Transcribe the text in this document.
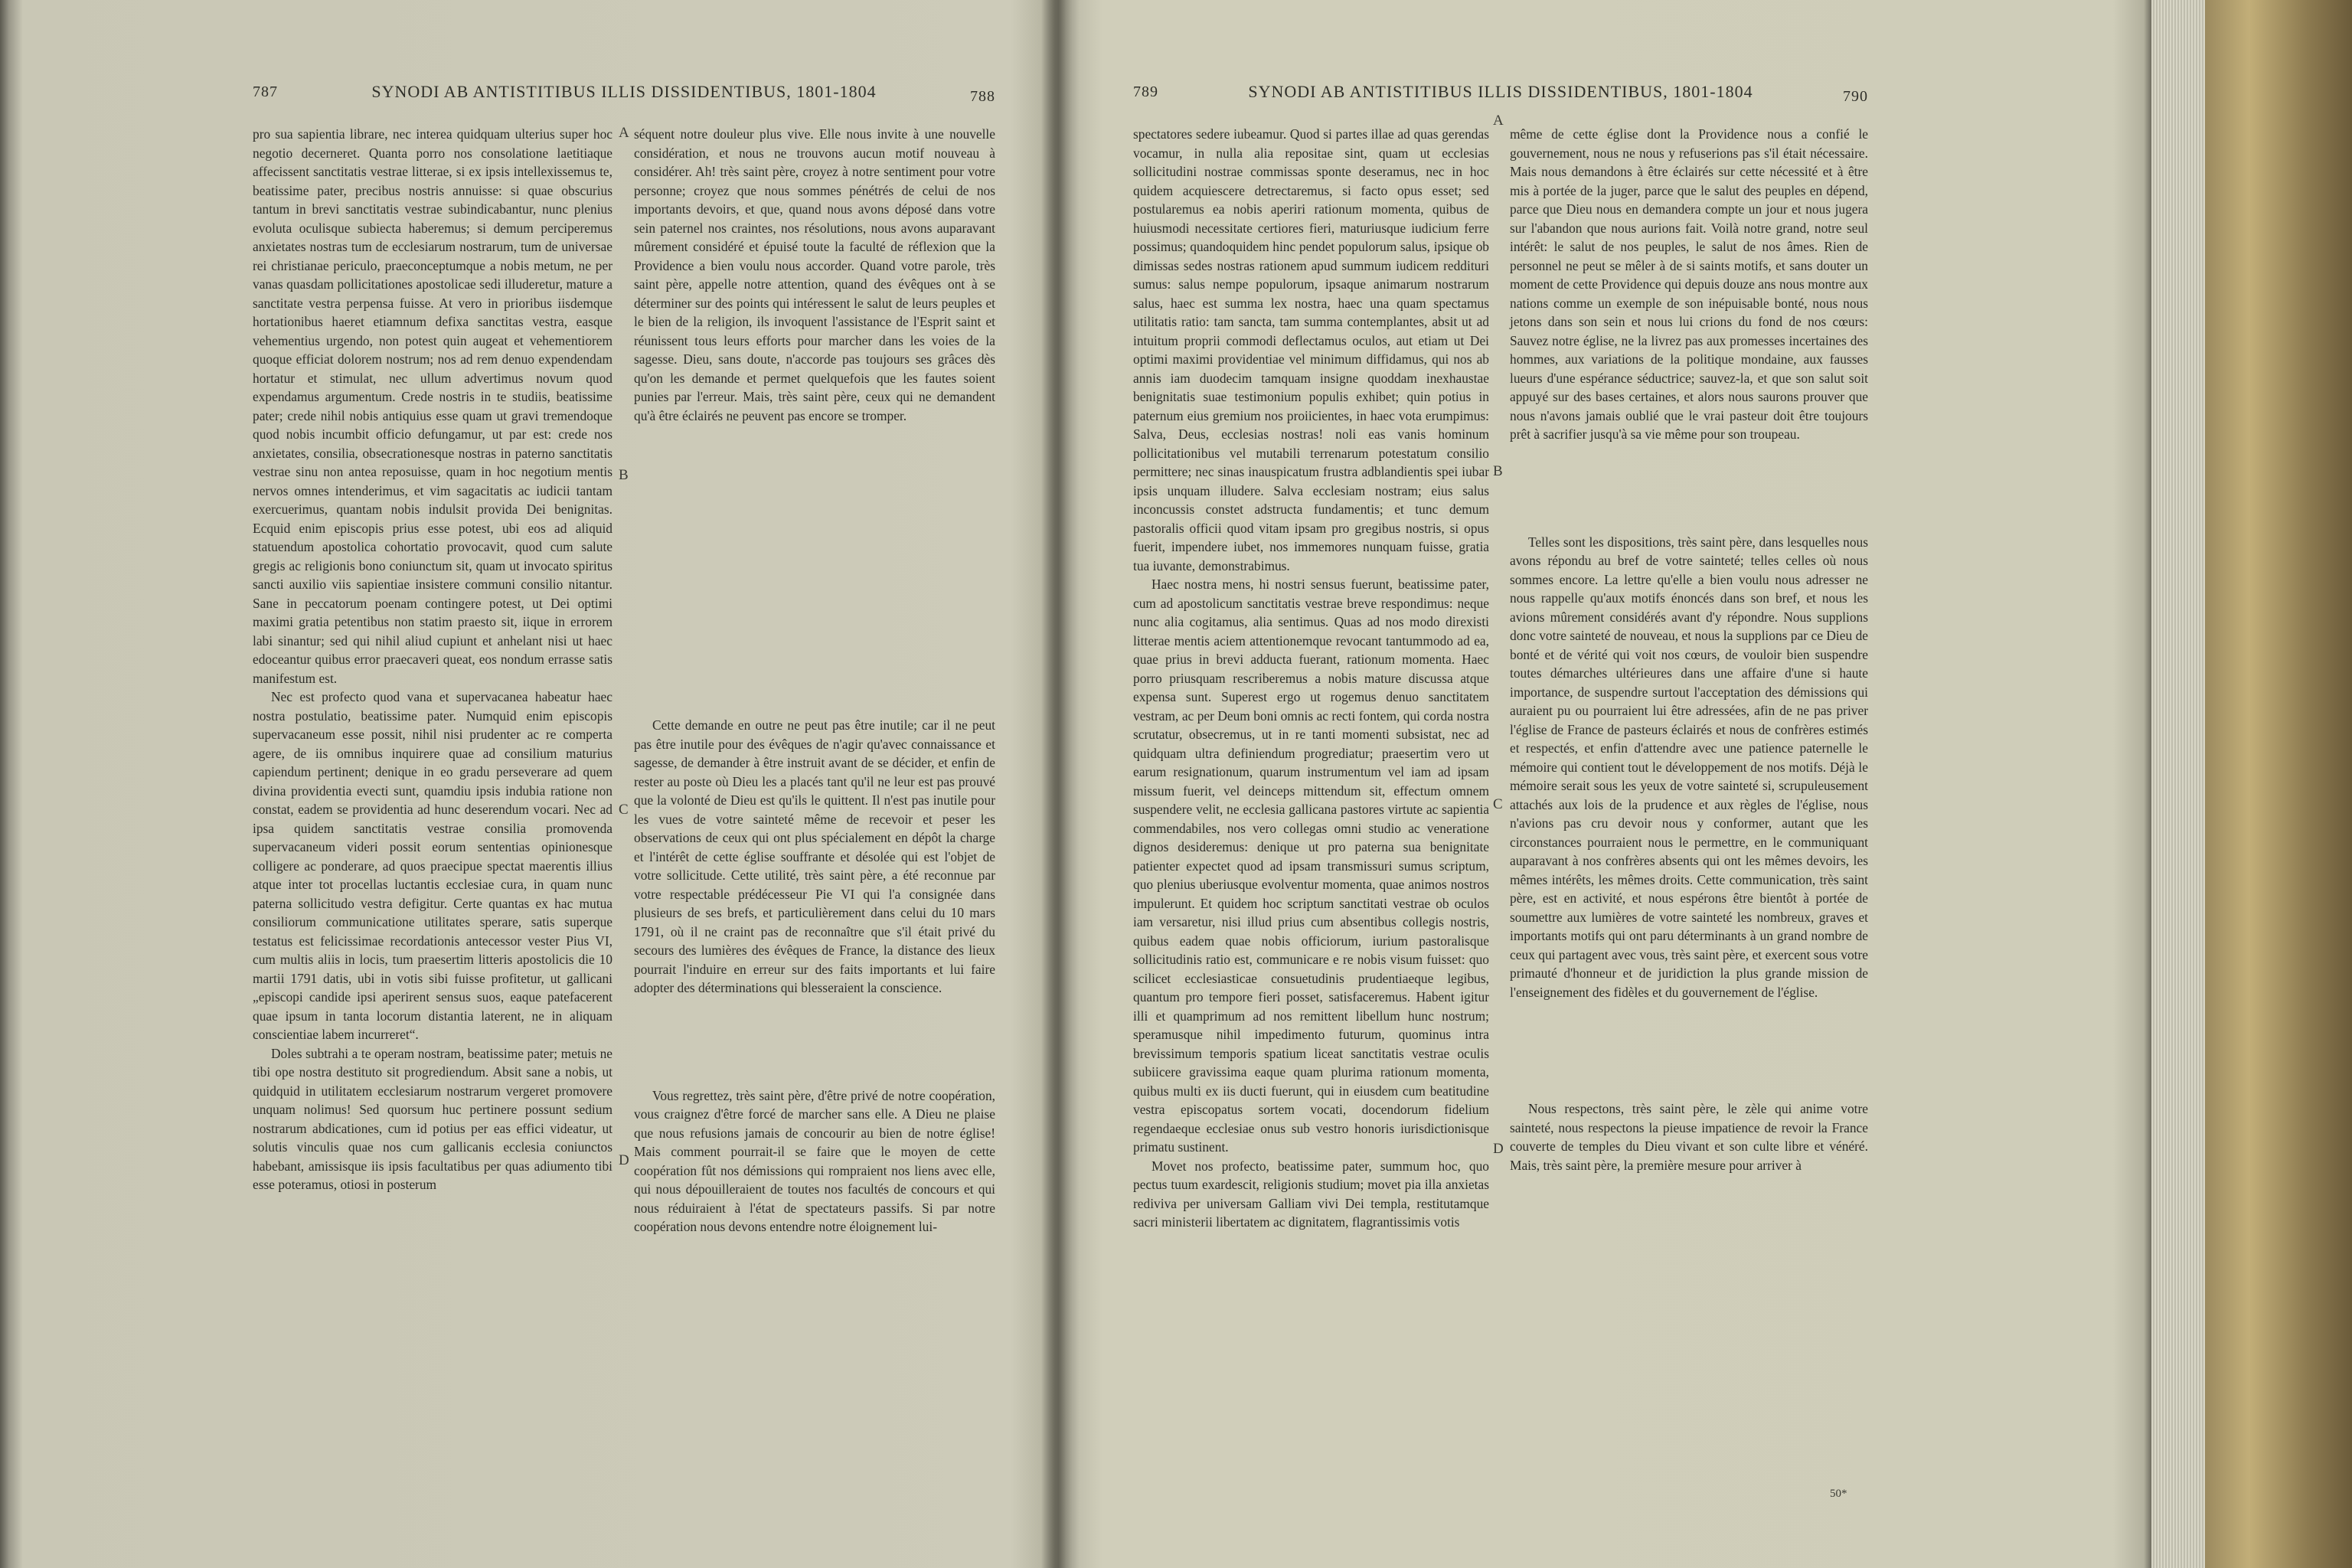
787	SYNODI AB ANTISTITIBUS ILLIS DISSIDENTIBUS, 1801-1804	788

pro sua sapientia librare, nec interea quidquam ulterius super hoc negotio decerneret. Quanta porro nos consolatione laetitiaque affecissent sanctitatis vestrae litterae, si ex ipsis intellexissemus te, beatissime pater, precibus nostris annuisse: si quae obscurius tantum in brevi sanctitatis vestrae subindicabantur, nunc plenius evoluta oculisque subiecta haberemus; si demum perciperemus anxietates nostras tum de ecclesiarum nostrarum, tum de universae rei christianae periculo, praeconceptumque a nobis metum, ne per vanas quasdam pollicitationes apostolicae sedi illuderetur, mature a sanctitate vestra perpensa fuisse. At vero in prioribus iisdemque hortationibus haeret etiamnum defixa sanctitas vestra, easque vehementius urgendo, non potest quin augeat et vehementiorem quoque efficiat dolorem nostrum; nos ad rem denuo expendendam hortatur et stimulat, nec ullum advertimus novum quod expendamus argumentum. Crede nostris in te studiis, beatissime pater; crede nihil nobis antiquius esse quam ut gravi tremendoque quod nobis incumbit officio defungamur, ut par est: crede nos anxietates, consilia, obsecrationesque nostras in paterno sanctitatis vestrae sinu non antea reposuisse, quam in hoc negotium mentis nervos omnes intenderimus, et vim sagacitatis ac iudicii tantam exercuerimus, quantam nobis indulsit providа Dei benignitas. Ecquid enim episcopis prius esse potest, ubi eos ad aliquid statuendum apostolica cohortatio provocavit, quod cum salute gregis ac religionis bono coniunctum sit, quam ut invocato spiritus sancti auxilio viis sapientiae insistere communi consilio nitantur. Sane in peccatorum poenam contingere potest, ut Dei optimi maximi gratia petentibus non statim praesto sit, iique in errorem labi sinantur; sed qui nihil aliud cupiunt et anhelant nisi ut haec edoceantur quibus error praecaveri queat, eos nondum errasse satis manifestum est.

Nec est profecto quod vana et supervacanea habeatur haec nostra postulatio, beatissime pater. Numquid enim episcopis supervacaneum esse possit, nihil nisi prudenter ac re comperta agere, de iis omnibus inquirere quae ad consilium maturius capiendum pertinent; denique in eo gradu perseverare ad quem divina providentia evecti sunt, quamdiu ipsis indubia ratione non constat, eadem se providentia ad hunc deserendum vocari. Nec ad ipsa quidem sanctitatis vestrae consilia promovenda supervacaneum videri possit eorum sententias opinionesque colligere ac ponderare, ad quos praecipue spectat maerentis illius atque inter tot procellas luctantis ecclesiae cura, in quam nunc paterna sollicitudo vestra defigitur. Certe quantas ex hac mutua consiliorum communicatione utilitates sperare, satis superque testatus est felicissimae recordationis antecessor vester Pius VI, cum multis aliis in locis, tum praesertim litteris apostolicis die 10 martii 1791 datis, ubi in votis sibi fuisse profitetur, ut gallicani „episcopi candide ipsi aperirent sensus suos, eaque patefacerent quae ipsum in tanta locorum distantia laterent, ne in aliquam conscientiae labem incurreret“.

Doles subtrahi a te operam nostram, beatissime pater; metuis ne tibi ope nostra destituto sit progrediendum. Absit sane a nobis, ut quidquid in utilitatem ecclesiarum nostrarum vergeret promovere unquam nolimus! Sed quorsum huc pertinere possunt sedium nostrarum abdicationes, cum id potius per eas effici videatur, ut solutis vinculis quae nos cum gallicanis ecclesia coniunctos habebant, amissisque iis ipsis facultatibus per quas adiumento tibi esse poteramus, otiosi in posterum

A
B
C
D

séquent notre douleur plus vive. Elle nous invite à une nouvelle considération, et nous ne trouvons aucun motif nouveau à considérer. Ah! très saint père, croyez à notre sentiment pour votre personne; croyez que nous sommes pénétrés de celui de nos importants devoirs, et que, quand nous avons déposé dans votre sein paternel nos craintes, nos résolutions, nous avons auparavant mûrement considéré et épuisé toute la faculté de réflexion que la Providence a bien voulu nous accorder. Quand votre parole, très saint père, appelle notre attention, quand des évêques ont à se déterminer sur des points qui intéressent le salut de leurs peuples et le bien de la religion, ils invoquent l'assistance de l'Esprit saint et réunissent tous leurs efforts pour marcher dans les voies de la sagesse. Dieu, sans doute, n'accorde pas toujours ses grâces dès qu'on les demande et permet quelquefois que les fautes soient punies par l'erreur. Mais, très saint père, ceux qui ne demandent qu'à être éclairés ne peuvent pas encore se tromper.

Cette demande en outre ne peut pas être inutile; car il ne peut pas être inutile pour des évêques de n'agir qu'avec connaissance et sagesse, de demander à être instruit avant de se décider, et enfin de rester au poste où Dieu les a placés tant qu'il ne leur est pas prouvé que la volonté de Dieu est qu'ils le quittent. Il n'est pas inutile pour les vues de votre sainteté même de recevoir et peser les observations de ceux qui ont plus spécialement en dépôt la charge et l'intérêt de cette église souffrante et désolée qui est l'objet de votre sollicitude. Cette utilité, très saint père, a été reconnue par votre respectable prédécesseur Pie VI qui l'a consignée dans plusieurs de ses brefs, et particulièrement dans celui du 10 mars 1791, où il ne craint pas de reconnaître que s'il était privé du secours des lumières des évêques de France, la distance des lieux pourrait l'induire en erreur sur des faits importants et lui faire adopter des déterminations qui blesseraient la conscience.

Vous regrettez, très saint père, d'être privé de notre coopération, vous craignez d'être forcé de marcher sans elle. A Dieu ne plaise que nous refusions jamais de concourir au bien de notre église! Mais comment pourrait-il se faire que le moyen de cette coopération fût nos démissions qui rompraient nos liens avec elle, qui nous dépouilleraient de toutes nos facultés de concours et qui nous réduiraient à l'état de spectateurs passifs. Si par notre coopération nous devons entendre notre éloignement lui-

789	SYNODI AB ANTISTITIBUS ILLIS DISSIDENTIBUS, 1801-1804	790

spectatores sedere iubeamur. Quod si partes illae ad quas gerendas vocamur, in nulla alia repositae sint, quam ut ecclesias sollicitudini nostrae commissas sponte deseramus, nec in hoc quidem acquiescere detrectaremus, si facto opus esset; sed postularemus ea nobis aperiri rationum momenta, quibus de huiusmodi necessitate certiores fieri, maturiusque iudicium ferre possimus; quandoquidem hinc pendet populorum salus, ipsique ob dimissas sedes nostras rationem apud summum iudicem reddituri sumus: salus nempe populorum, ipsaque animarum nostrarum salus, haec est summa lex nostra, haec una quam spectamus utilitatis ratio: tam sancta, tam summa contemplantes, absit ut ad intuitum proprii commodi deflectamus oculos, aut etiam ut Dei optimi maximi providentiae vel minimum diffidamus, qui nos ab annis iam duodecim tamquam insigne quoddam inexhaustae benignitatis suae testimonium populis exhibet; quin potius in paternum eius gremium nos proiicientes, in haec vota erumpimus: Salva, Deus, ecclesias nostras! noli eas vanis hominum pollicitationibus vel mutabili terrenarum potestatum consilio permittere; nec sinas inauspicatum frustra adblandientis spei iubar ipsis unquam illudere. Salva ecclesiam nostram; eius salus inconcussis constet adstructa fundamentis; et tunc demum pastoralis officii quod vitam ipsam pro gregibus nostris, si opus fuerit, impendere iubet, nos immemores nunquam fuisse, gratia tua iuvante, demonstrabimus.

Haec nostra mens, hi nostri sensus fuerunt, beatissime pater, cum ad apostolicum sanctitatis vestrae breve respondimus: neque nunc alia cogitamus, alia sentimus. Quas ad nos modo direxisti litterae mentis aciem attentionemque revocant tantummodo ad ea, quae prius in brevi adducta fuerant, rationum momenta. Haec porro priusquam rescriberemus a nobis mature discussa atque expensa sunt. Superest ergo ut rogemus denuo sanctitatem vestram, ac per Deum boni omnis ac recti fontem, qui corda nostra scrutatur, obsecremus, ut in re tanti momenti subsistat, nec ad quidquam ultra definiendum progrediatur; praesertim vero ut earum resignationum, quarum instrumentum vel iam ad ipsam missum fuerit, vel deinceps mittendum sit, effectum omnem suspendere velit, ne ecclesia gallicana pastores virtute ac sapientia commendabiles, nos vero collegas omni studio ac veneratione dignos desideremus: denique ut pro paterna sua benignitate patienter expectet quod ad ipsam transmissuri sumus scriptum, quo plenius uberiusque evolventur momenta, quae animos nostros impulerunt. Et quidem hoc scriptum sanctitati vestrae ob oculos iam versaretur, nisi illud prius cum absentibus collegis nostris, quibus eadem quae nobis officiorum, iurium pastoralisque sollicitudinis ratio est, communicare e re nobis visum fuisset: quo scilicet ecclesiasticae consuetudinis prudentiaeque legibus, quantum pro tempore fieri posset, satisfaceremus. Habent igitur illi et quamprimum ad nos remittent libellum hunc nostrum; speramusque nihil impedimento futurum, quominus intra brevissimum temporis spatium liceat sanctitatis vestrae oculis subiicere gravissima eaque quam plurima rationum momenta, quibus multi ex iis ducti fuerunt, qui in eiusdem cum beatitudine vestra episcopatus sortem vocati, docendorum fidelium regendaeque ecclesiae onus sub vestro honoris iurisdictionisque primatu sustinent.

Movet nos profecto, beatissime pater, summum hoc, quo pectus tuum exardescit, religionis studium; movet pia illa anxietas rediviva per universam Galliam vivi Dei templa, restitutamque sacri ministerii libertatem ac dignitatem, flagrantissimis votis

A
B
C
D

même de cette église dont la Providence nous a confié le gouvernement, nous ne nous y refuserions pas s'il était nécessaire. Mais nous demandons à être éclairés sur cette nécessité et à être mis à portée de la juger, parce que le salut des peuples en dépend, parce que Dieu nous en demandera compte un jour et nous jugera sur l'abandon que nous aurions fait. Voilà notre grand, notre seul intérêt: le salut de nos peuples, le salut de nos âmes. Rien de personnel ne peut se mêler à de si saints motifs, et sans douter un moment de cette Providence qui depuis douze ans nous montre aux nations comme un exemple de son inépuisable bonté, nous nous jetons dans son sein et nous lui crions du fond de nos cœurs: Sauvez notre église, ne la livrez pas aux promesses incertaines des hommes, aux variations de la politique mondaine, aux fausses lueurs d'une espérance séductrice; sauvez-la, et que son salut soit appuyé sur des bases certaines, et alors nous saurons prouver que nous n'avons jamais oublié que le vrai pasteur doit être toujours prêt à sacrifier jusqu'à sa vie même pour son troupeau.

Telles sont les dispositions, très saint père, dans lesquelles nous avons répondu au bref de votre sainteté; telles celles où nous sommes encore. La lettre qu'elle a bien voulu nous adresser ne nous rappelle qu'aux motifs énoncés dans son bref, et nous les avions mûrement considérés avant d'y répondre. Nous supplions donc votre sainteté de nouveau, et nous la supplions par ce Dieu de bonté et de vérité qui voit nos cœurs, de vouloir bien suspendre toutes démarches ultérieures dans une affaire d'une si haute importance, de suspendre surtout l'acceptation des démissions qui auraient pu ou pourraient lui être adressées, afin de ne pas priver l'église de France de pasteurs éclairés et nous de confrères estimés et respectés, et enfin d'attendre avec une patience paternelle le mémoire qui contient tout le développement de nos motifs. Déjà le mémoire serait sous les yeux de votre sainteté si, scrupuleusement attachés aux lois de la prudence et aux règles de l'église, nous n'avions pas cru devoir nous y conformer, autant que les circonstances pourraient nous le permettre, en le communiquant auparavant à nos confrères absents qui ont les mêmes devoirs, les mêmes intérêts, les mêmes droits. Cette communication, très saint père, est en activité, et nous espérons être bientôt à portée de soumettre aux lumières de votre sainteté les nombreux, graves et importants motifs qui ont paru déterminants à un grand nombre de ceux qui partagent avec vous, très saint père, et exercent sous votre primauté d'honneur et de juridiction la plus grande mission de l'enseignement des fidèles et du gouvernement de l'église.

Nous respectons, très saint père, le zèle qui anime votre sainteté, nous respectons la pieuse impatience de revoir la France couverte de temples du Dieu vivant et son culte libre et vénéré. Mais, très saint père, la première mesure pour arriver à

50*
